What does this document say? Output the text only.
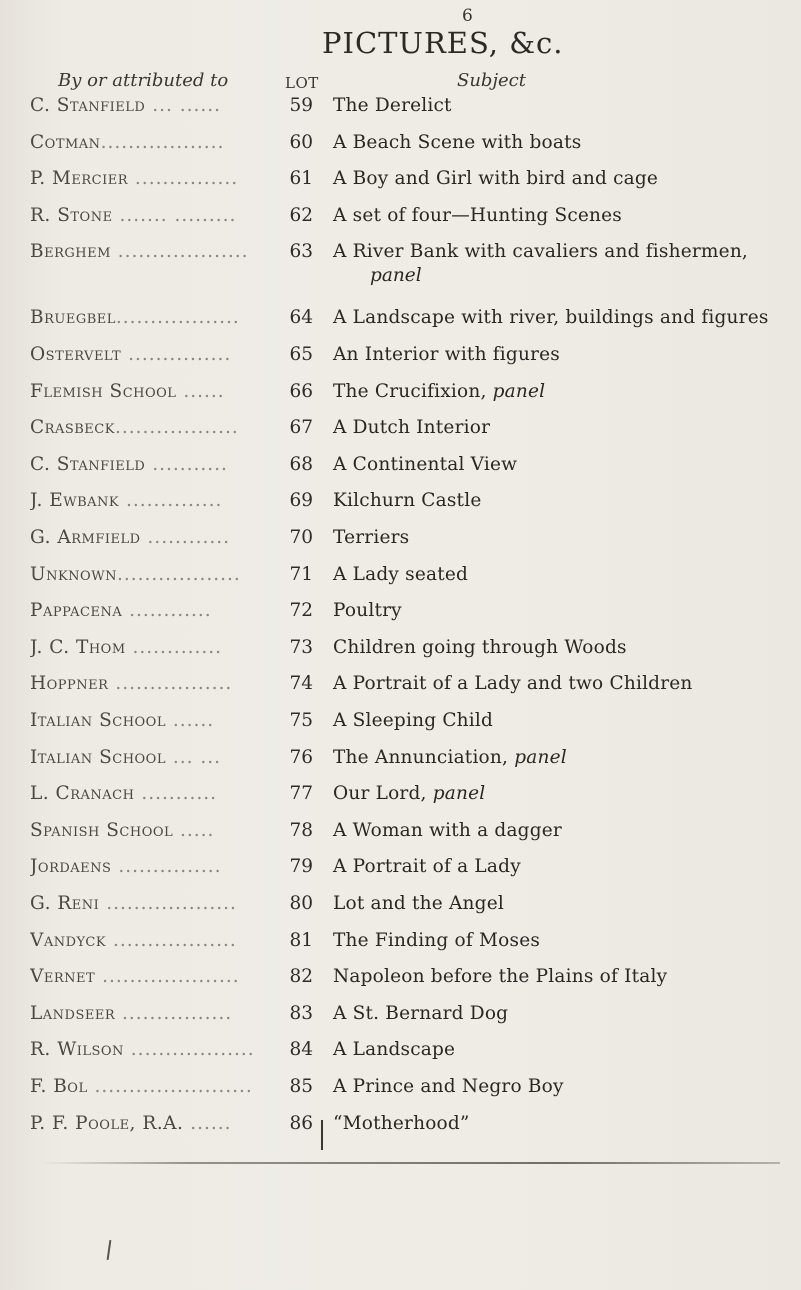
6
PICTURES, &c.
By or attributed to	LOT	Subject
C. Stanfield ... ......	59 The Derelict
Cotman..................	60 A Beach Scene with boats
P. Mercier ...............	61 A Boy and Girl with bird and cage
R. Stone ....... .........	62 A set of four—Hunting Scenes
Berghem ...................	63 A River Bank with cavaliers and fishermen,
panel
Bruegbel..................	64 A Landscape with river, buildings and figures
Ostervelt ...............	65 An Interior with figures
Flemish School ......	66 The Crucifixion, panel
Crasbeck..................	67 A Dutch Interior
C. Stanfield ...........	68 A Continental View
J. Ewbank ..............	69 Kilchurn Castle
G. Armfield ............	70 Terriers
Unknown..................	71 A Lady seated
Pappacena ............	72 Poultry
J. C. Thom .............	73 Children going through Woods
Hoppner .................	74 A Portrait of a Lady and two Children
Italian School ......	75 A Sleeping Child
Italian School ... ...	76 The Annunciation, panel
L. Cranach ...........	77 Our Lord, panel
Spanish School .....	78 A Woman with a dagger
Jordaens ...............	79 A Portrait of a Lady
G. Reni ...................	80 Lot and the Angel
Vandyck ..................	81 The Finding of Moses
Vernet ....................	82 Napoleon before the Plains of Italy
Landseer ................	83 A St. Bernard Dog
R. Wilson ..................	84 A Landscape
F. Bol .......................	85 A Prince and Negro Boy
P. F. Poole, R.A. ......	86 “Motherhood”
